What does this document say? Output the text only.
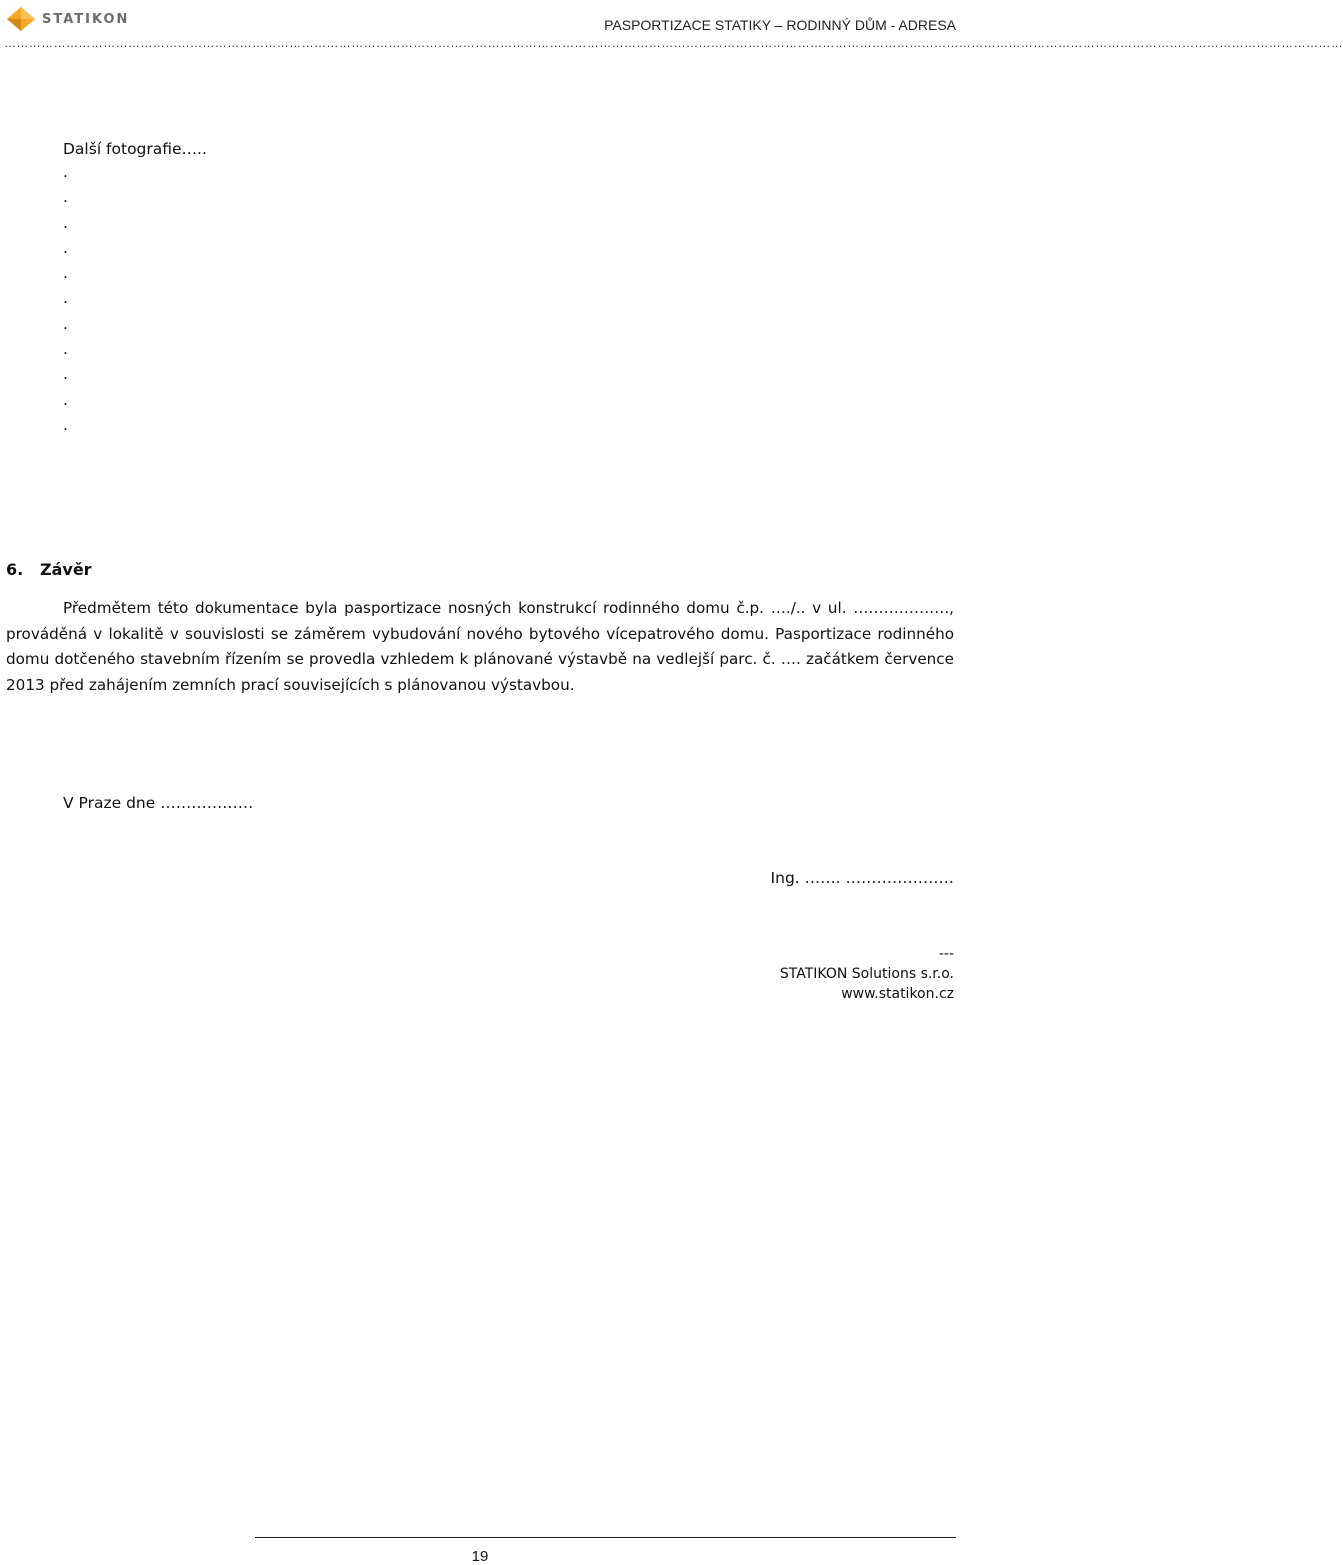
STATIKON	PASPORTIZACE STATIKY – RODINNÝ DŮM - ADRESA
………………………………………………………………………………………………………………………………………………………………………………………………………………………………………………………………………………………………
Další fotografie…..
.
.
.
.
.
.
.
.
.
.
.
6. Závěr

Předmětem této dokumentace byla pasportizace nosných konstrukcí rodinného domu č.p. …./.. v ul. ………………., prováděná v lokalitě v souvislosti se záměrem vybudování nového bytového vícepatrového domu. Pasportizace rodinného domu dotčeného stavebním řízením se provedla vzhledem k plánované výstavbě na vedlejší parc. č. …. začátkem července 2013 před zahájením zemních prací souvisejících s plánovanou výstavbou.

V Praze dne ………………
Ing. ……. …………………
---
STATIKON Solutions s.r.o.
www.statikon.cz
19
